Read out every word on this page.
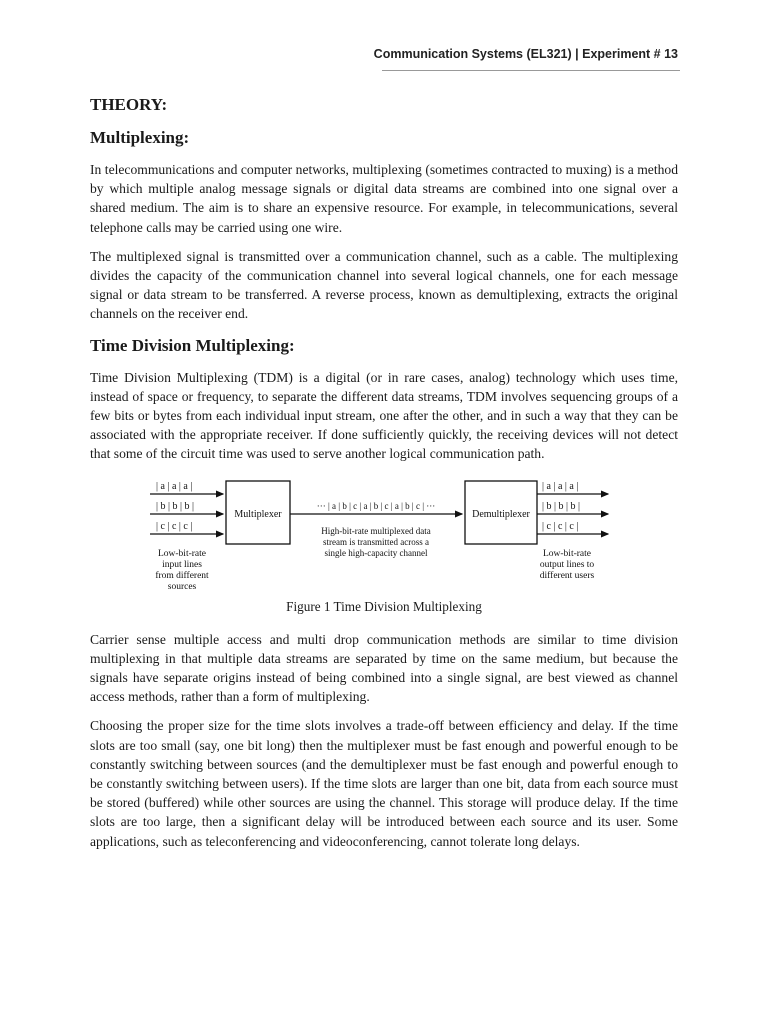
Communication Systems (EL321) | Experiment # 13
THEORY:
Multiplexing:

In telecommunications and computer networks, multiplexing (sometimes contracted to muxing) is a method by which multiple analog message signals or digital data streams are combined into one signal over a shared medium. The aim is to share an expensive resource. For example, in telecommunications, several telephone calls may be carried using one wire.

The multiplexed signal is transmitted over a communication channel, such as a cable. The multiplexing divides the capacity of the communication channel into several logical channels, one for each message signal or data stream to be transferred. A reverse process, known as demultiplexing, extracts the original channels on the receiver end.

Time Division Multiplexing:

Time Division Multiplexing (TDM) is a digital (or in rare cases, analog) technology which uses time, instead of space or frequency, to separate the different data streams, TDM involves sequencing groups of a few bits or bytes from each individual input stream, one after the other, and in such a way that they can be associated with the appropriate receiver. If done sufficiently quickly, the receiving devices will not detect that some of the circuit time was used to serve another logical communication path.

| a | a | a |
| b | b | b |
| c | c | c |
Multiplexer
··· | a | b | c | a | b | c | a | b | c | ···
High-bit-rate multiplexed data
stream is transmitted across a
single high-capacity channel
Demultiplexer
| a | a | a |
| b | b | b |
| c | c | c |
Low-bit-rate
input lines
from different
sources
Low-bit-rate
output lines to
different users

Figure 1 Time Division Multiplexing

Carrier sense multiple access and multi drop communication methods are similar to time division multiplexing in that multiple data streams are separated by time on the same medium, but because the signals have separate origins instead of being combined into a single signal, are best viewed as channel access methods, rather than a form of multiplexing.

Choosing the proper size for the time slots involves a trade-off between efficiency and delay. If the time slots are too small (say, one bit long) then the multiplexer must be fast enough and powerful enough to be constantly switching between sources (and the demultiplexer must be fast enough and powerful enough to be constantly switching between users). If the time slots are larger than one bit, data from each source must be stored (buffered) while other sources are using the channel. This storage will produce delay. If the time slots are too large, then a significant delay will be introduced between each source and its user. Some applications, such as teleconferencing and videoconferencing, cannot tolerate long delays.
